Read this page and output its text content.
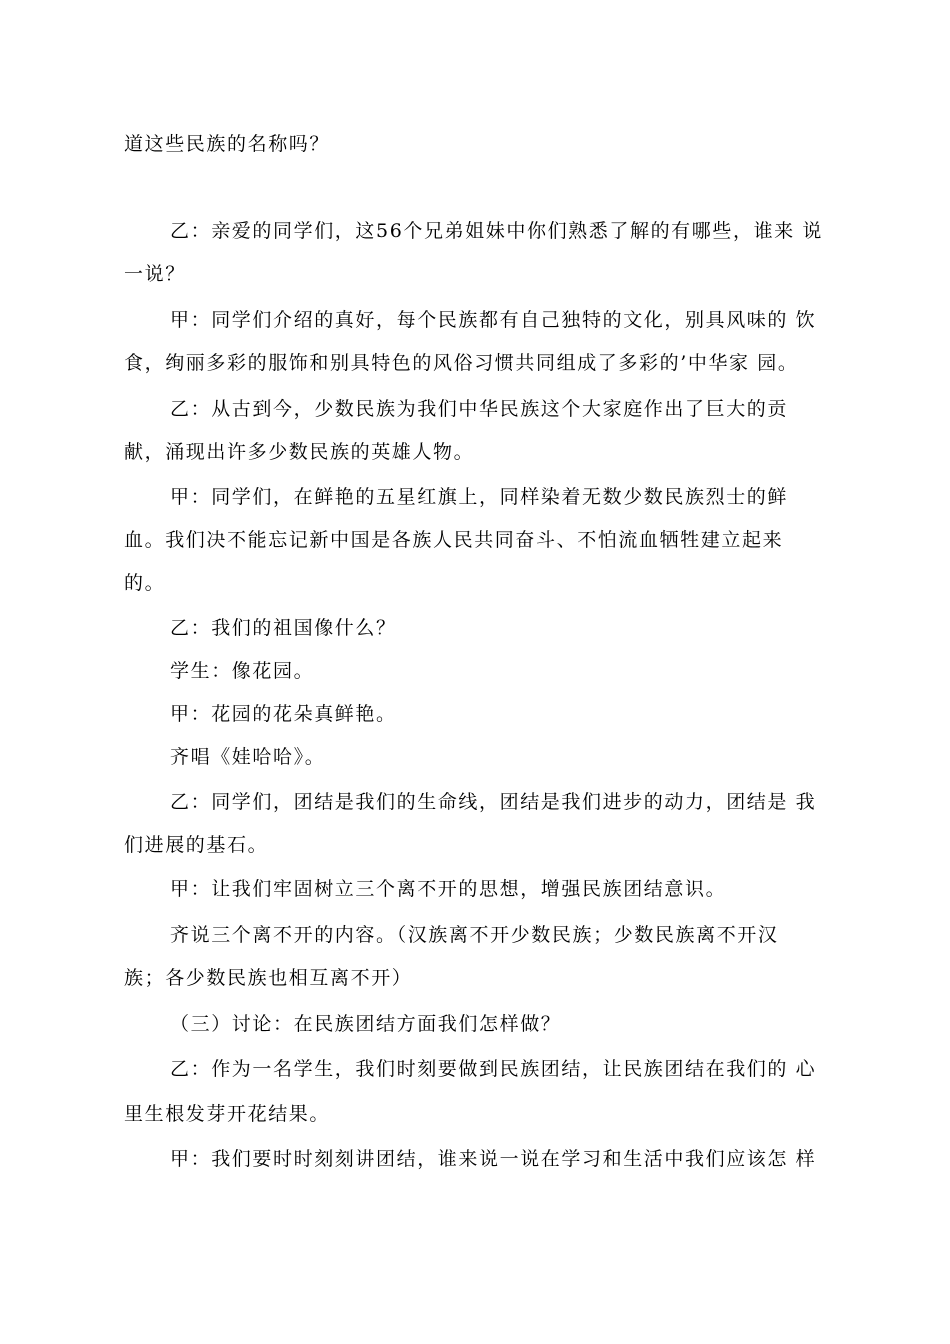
道这些民族的名称吗？
乙：亲爱的同学们，这56个兄弟姐妹中你们熟悉了解的有哪些，谁来 说
一说？
甲：同学们介绍的真好，每个民族都有自己独特的文化，别具风味的 饮
食，绚丽多彩的服饰和别具特色的风俗习惯共同组成了多彩的’中华家 园。
乙：从古到今，少数民族为我们中华民族这个大家庭作出了巨大的贡
献，涌现出许多少数民族的英雄人物。
甲：同学们，在鲜艳的五星红旗上，同样染着无数少数民族烈士的鲜
血。我们决不能忘记新中国是各族人民共同奋斗、不怕流血牺牲建立起来
的。
乙：我们的祖国像什么？
学生：像花园。
甲：花园的花朵真鲜艳。
齐唱《娃哈哈》。
乙：同学们，团结是我们的生命线，团结是我们进步的动力，团结是 我
们进展的基石。
甲：让我们牢固树立三个离不开的思想，增强民族团结意识。
齐说三个离不开的内容。（汉族离不开少数民族；少数民族离不开汉
族；各少数民族也相互离不开）
（三）讨论：在民族团结方面我们怎样做？
乙：作为一名学生，我们时刻要做到民族团结，让民族团结在我们的 心
里生根发芽开花结果。
甲：我们要时时刻刻讲团结，谁来说一说在学习和生活中我们应该怎 样
